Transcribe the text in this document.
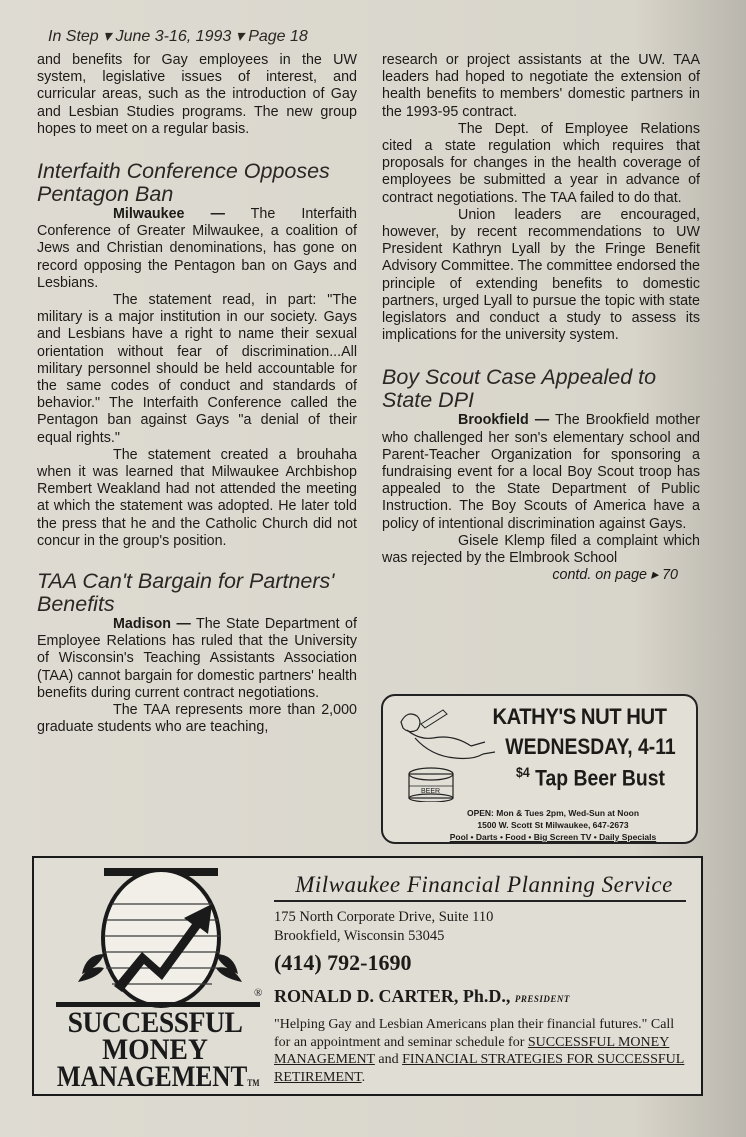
In Step ▾ June 3-16, 1993 ▾ Page 18

and benefits for Gay employees in the UW system, legislative issues of interest, and curricular areas, such as the introduction of Gay and Lesbian Studies programs. The new group hopes to meet on a regular basis.

Interfaith Conference Opposes Pentagon Ban

Milwaukee — The Interfaith Conference of Greater Milwaukee, a coalition of Jews and Christian denominations, has gone on record opposing the Pentagon ban on Gays and Lesbians.

The statement read, in part: "The military is a major institution in our society. Gays and Lesbians have a right to name their sexual orientation without fear of discrimination...All military personnel should be held accountable for the same codes of conduct and standards of behavior." The Interfaith Conference called the Pentagon ban against Gays "a denial of their equal rights."

The statement created a brouhaha when it was learned that Milwaukee Archbishop Rembert Weakland had not attended the meeting at which the statement was adopted. He later told the press that he and the Catholic Church did not concur in the group's position.

TAA Can't Bargain for Partners' Benefits

Madison — The State Department of Employee Relations has ruled that the University of Wisconsin's Teaching Assistants Association (TAA) cannot bargain for domestic partners' health benefits during current contract negotiations.

The TAA represents more than 2,000 graduate students who are teaching,

research or project assistants at the UW. TAA leaders had hoped to negotiate the extension of health benefits to members' domestic partners in the 1993-95 contract.

The Dept. of Employee Relations cited a state regulation which requires that proposals for changes in the health coverage of employees be submitted a year in advance of contract negotiations. The TAA failed to do that.

Union leaders are encouraged, however, by recent recommendations to UW President Kathryn Lyall by the Fringe Benefit Advisory Committee. The committee endorsed the principle of extending benefits to domestic partners, urged Lyall to pursue the topic with state legislators and conduct a study to assess its implications for the university system.

Boy Scout Case Appealed to State DPI

Brookfield — The Brookfield mother who challenged her son's elementary school and Parent-Teacher Organization for sponsoring a fundraising event for a local Boy Scout troop has appealed to the State Department of Public Instruction. The Boy Scouts of America have a policy of intentional discrimination against Gays.

Gisele Klemp filed a complaint which was rejected by the Elmbrook School

contd. on page ▸ 70

BEER
KATHY'S NUT HUT
WEDNESDAY, 4-11
$^{\$4}$ Tap Beer Bust
OPEN: Mon & Tues 2pm, Wed-Sun at Noon
1500 W. Scott St Milwaukee, 647-2673
Pool • Darts • Food • Big Screen TV • Daily Specials
®
SUCCESSFUL
MONEY
MANAGEMENTTM
Milwaukee Financial Planning Service
175 North Corporate Drive, Suite 110
Brookfield, Wisconsin 53045
(414) 792-1690
RONALD D. CARTER, Ph.D., PRESIDENT
"Helping Gay and Lesbian Americans plan their financial futures." Call for an appointment and seminar schedule for SUCCESSFUL MONEY MANAGEMENT and FINANCIAL STRATEGIES FOR SUCCESSFUL RETIREMENT.
